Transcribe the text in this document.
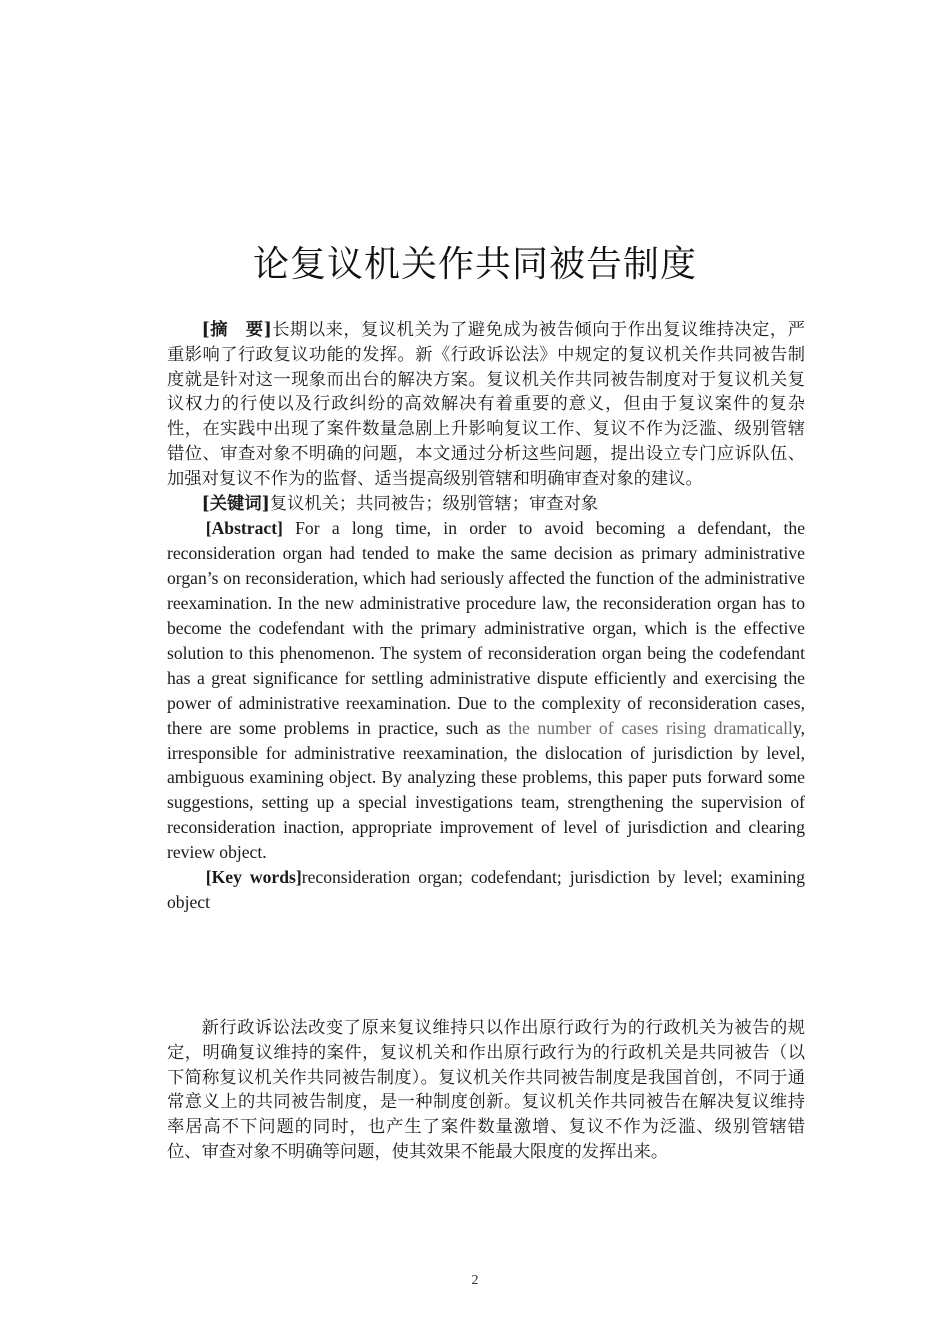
论复议机关作共同被告制度

[摘　要]长期以来，复议机关为了避免成为被告倾向于作出复议维持决定，严重影响了行政复议功能的发挥。新《行政诉讼法》中规定的复议机关作共同被告制度就是针对这一现象而出台的解决方案。复议机关作共同被告制度对于复议机关复议权力的行使以及行政纠纷的高效解决有着重要的意义，但由于复议案件的复杂性，在实践中出现了案件数量急剧上升影响复议工作、复议不作为泛滥、级别管辖错位、审查对象不明确的问题，本文通过分析这些问题，提出设立专门应诉队伍、加强对复议不作为的监督、适当提高级别管辖和明确审查对象的建议。

[关键词]复议机关；共同被告；级别管辖；审查对象

[Abstract] For a long time, in order to avoid becoming a defendant, the reconsideration organ had tended to make the same decision as primary administrative organ’s on reconsideration, which had seriously affected the function of the administrative reexamination. In the new administrative procedure law, the reconsideration organ has to become the codefendant with the primary administrative organ, which is the effective solution to this phenomenon. The system of reconsideration organ being the codefendant has a great significance for settling administrative dispute efficiently and exercising the power of administrative reexamination. Due to the complexity of reconsideration cases, there are some problems in practice, such as the number of cases rising dramatically, irresponsible for administrative reexamination, the dislocation of jurisdiction by level, ambiguous examining object. By analyzing these problems, this paper puts forward some suggestions, setting up a special investigations team, strengthening the supervision of reconsideration inaction, appropriate improvement of level of jurisdiction and clearing review object.

[Key words]reconsideration organ; codefendant; jurisdiction by level; examining object

新行政诉讼法改变了原来复议维持只以作出原行政行为的行政机关为被告的规定，明确复议维持的案件，复议机关和作出原行政行为的行政机关是共同被告（以下简称复议机关作共同被告制度）。复议机关作共同被告制度是我国首创，不同于通常意义上的共同被告制度，是一种制度创新。复议机关作共同被告在解决复议维持率居高不下问题的同时，也产生了案件数量激增、复议不作为泛滥、级别管辖错位、审查对象不明确等问题，使其效果不能最大限度的发挥出来。

2
